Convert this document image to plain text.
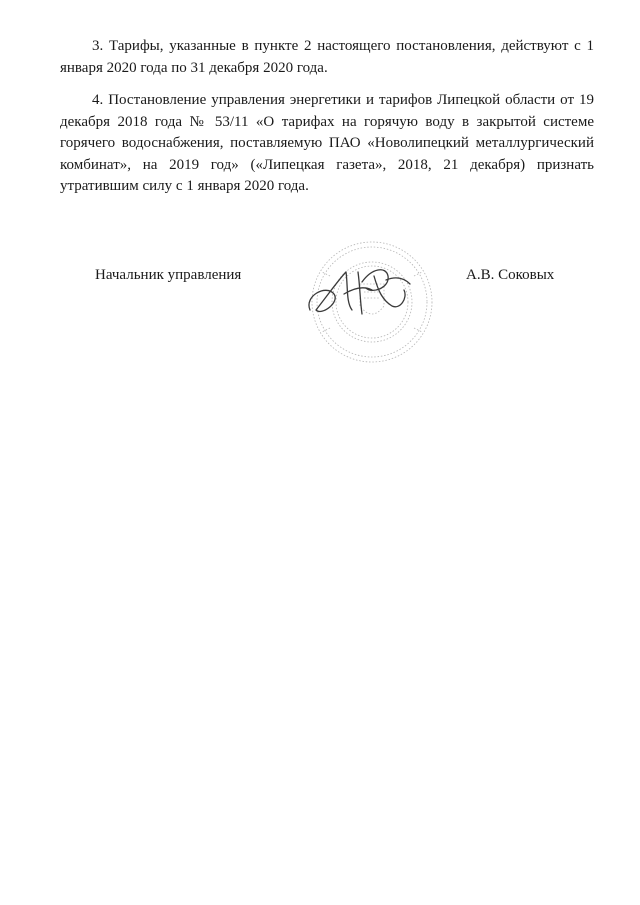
3. Тарифы, указанные в пункте 2 настоящего постановления, действуют с 1 января 2020 года по 31 декабря 2020 года.

4. Постановление управления энергетики и тарифов Липецкой области от 19 декабря 2018 года № 53/11 «О тарифах на горячую воду в закрытой системе горячего водоснабжения, поставляемую ПАО «Новолипецкий металлургический комбинат», на 2019 год» («Липецкая газета», 2018, 21 декабря) признать утратившим силу с 1 января 2020 года.

Начальник управления	А.В. Соковых
